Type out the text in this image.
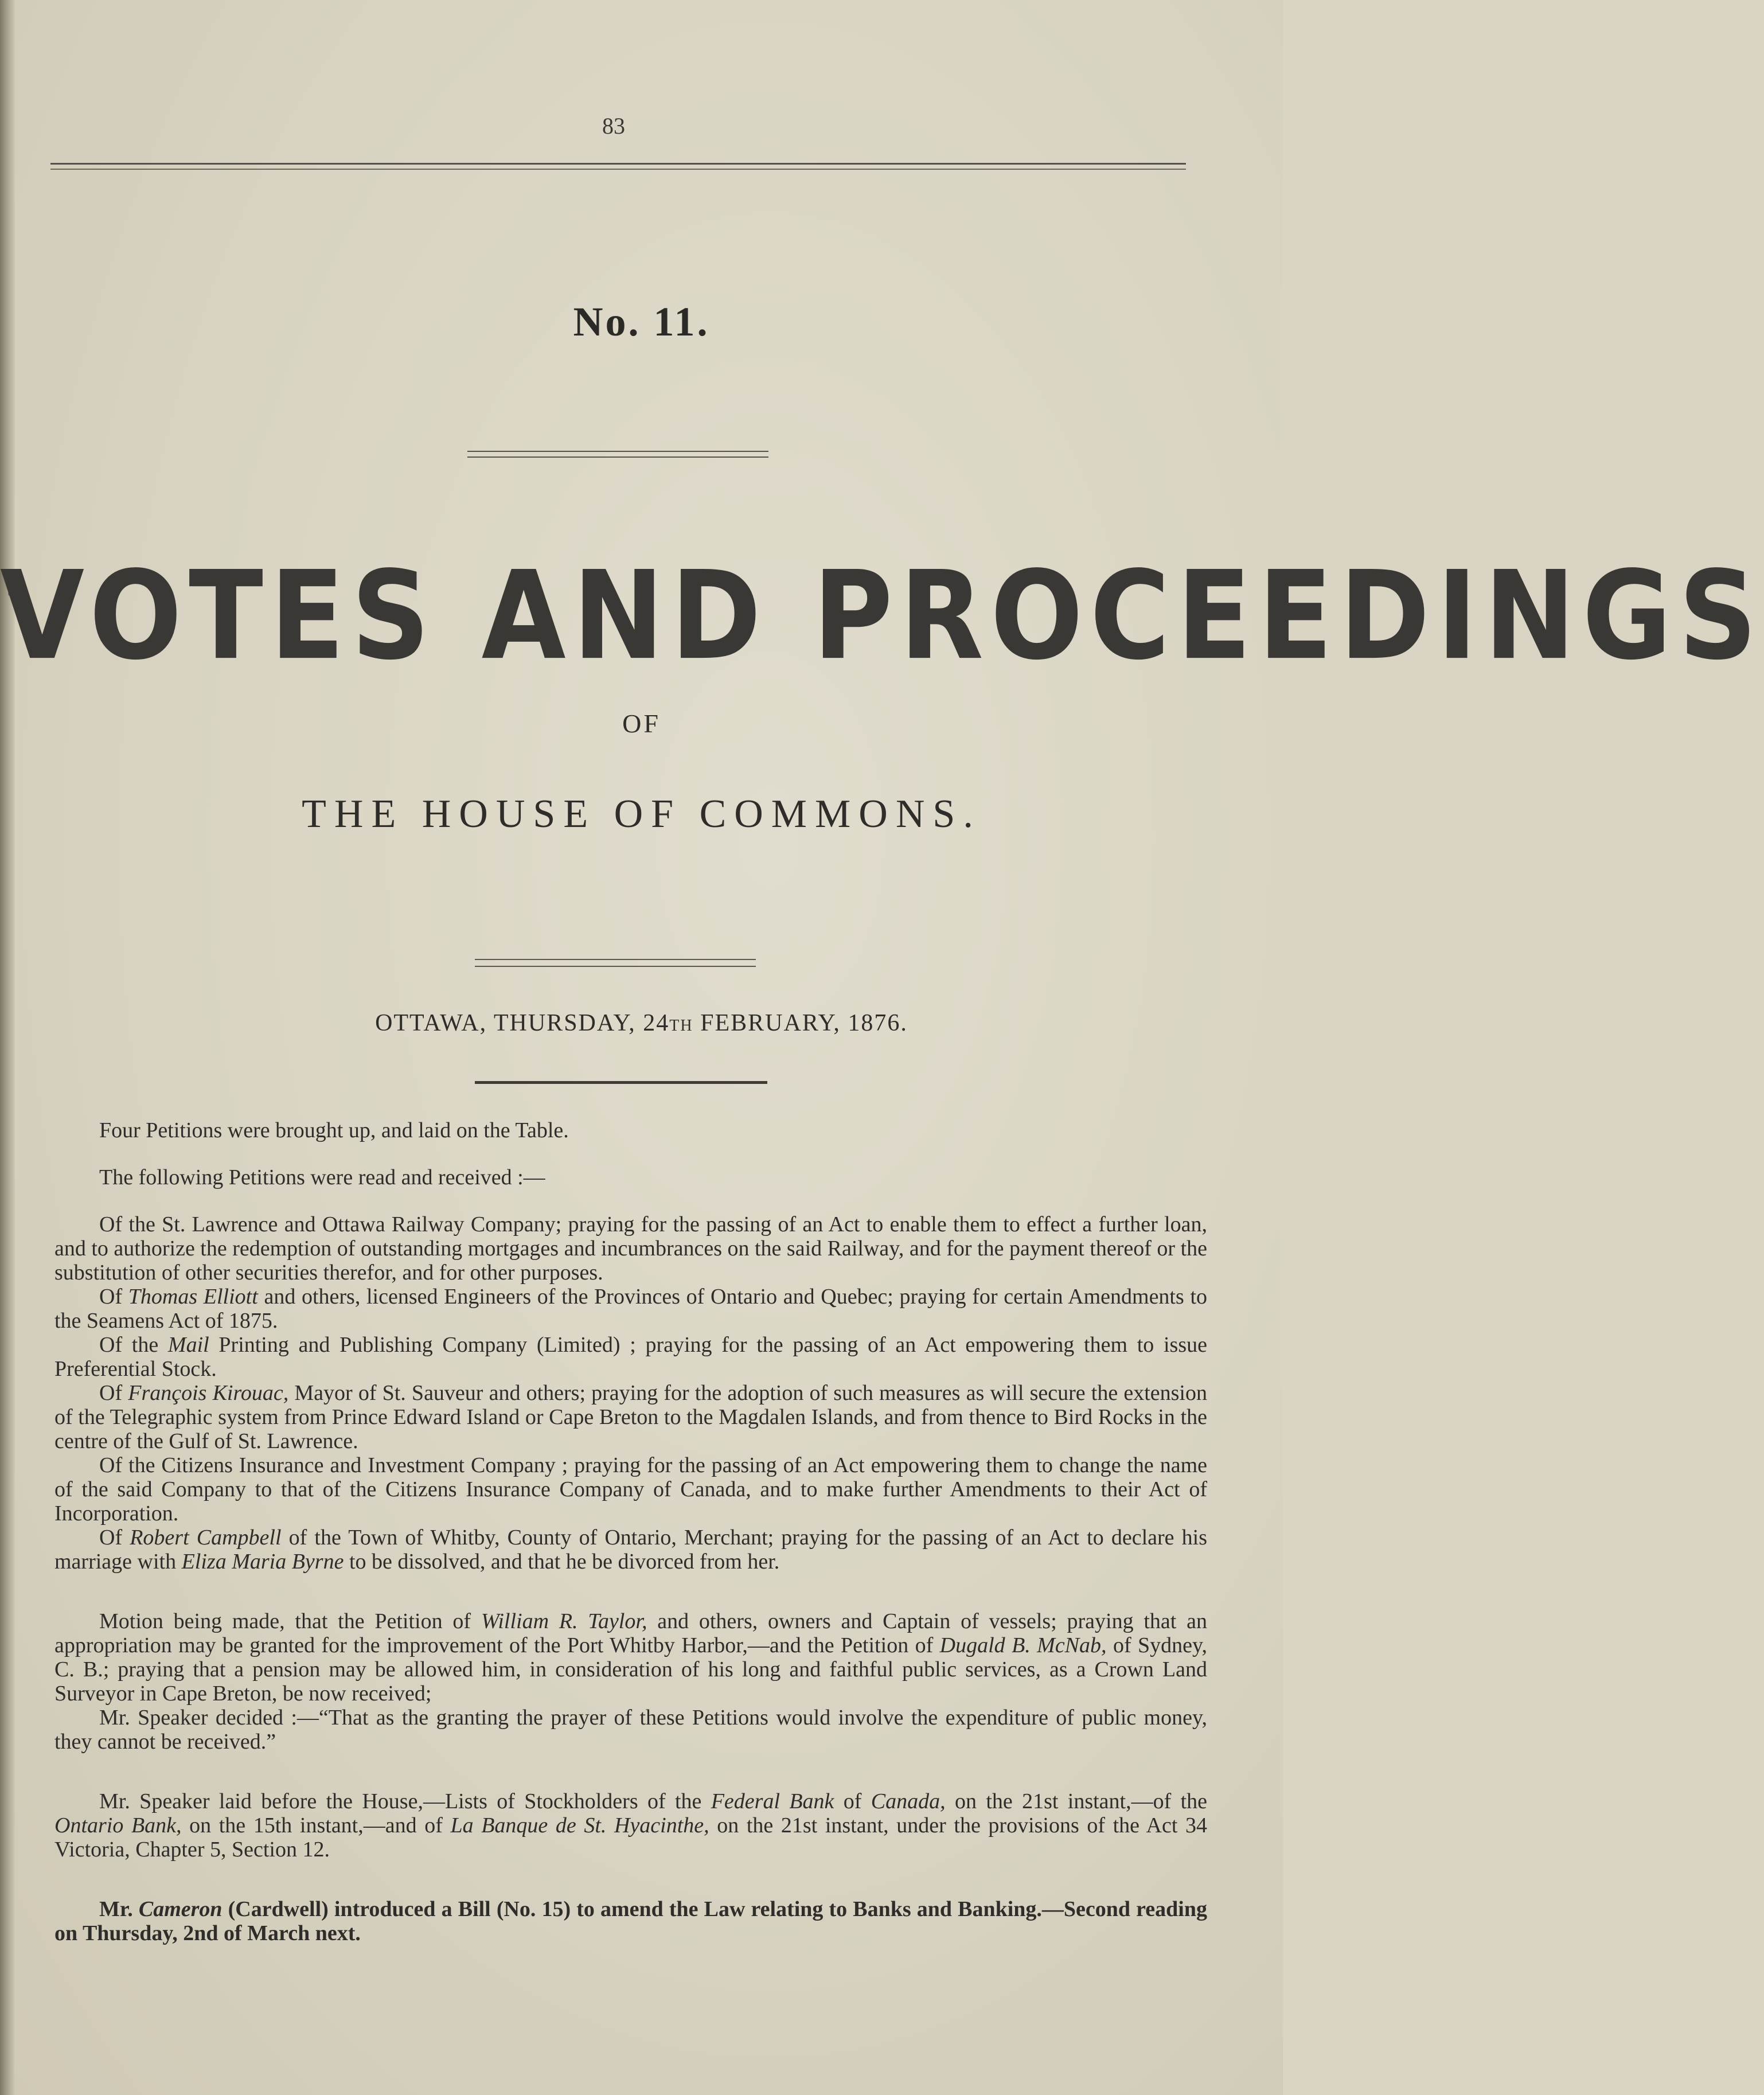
83
No. 11.
VOTES AND PROCEEDINGS
OF
THE HOUSE OF COMMONS.
OTTAWA, THURSDAY, 24TH FEBRUARY, 1876.

Four Petitions were brought up, and laid on the Table.

The following Petitions were read and received :—

Of the St. Lawrence and Ottawa Railway Company; praying for the passing of an Act to enable them to effect a further loan, and to authorize the redemption of outstanding mortgages and incumbrances on the said Railway, and for the payment thereof or the substitution of other securities therefor, and for other purposes.

Of Thomas Elliott and others, licensed Engineers of the Provinces of Ontario and Quebec; praying for certain Amendments to the Seamens Act of 1875.

Of the Mail Printing and Publishing Company (Limited) ; praying for the passing of an Act empowering them to issue Preferential Stock.

Of François Kirouac, Mayor of St. Sauveur and others; praying for the adoption of such measures as will secure the extension of the Telegraphic system from Prince Edward Island or Cape Breton to the Magdalen Islands, and from thence to Bird Rocks in the centre of the Gulf of St. Lawrence.

Of the Citizens Insurance and Investment Company ; praying for the passing of an Act empowering them to change the name of the said Company to that of the Citizens Insurance Company of Canada, and to make further Amendments to their Act of Incorporation.

Of Robert Campbell of the Town of Whitby, County of Ontario, Merchant; praying for the passing of an Act to declare his marriage with Eliza Maria Byrne to be dissolved, and that he be divorced from her.

Motion being made, that the Petition of William R. Taylor, and others, owners and Captain of vessels; praying that an appropriation may be granted for the improvement of the Port Whitby Harbor,—and the Petition of Dugald B. McNab, of Sydney, C. B.; praying that a pension may be allowed him, in consideration of his long and faithful public services, as a Crown Land Surveyor in Cape Breton, be now received;

Mr. Speaker decided :—“That as the granting the prayer of these Petitions would involve the expenditure of public money, they cannot be received.”

Mr. Speaker laid before the House,—Lists of Stockholders of the Federal Bank of Canada, on the 21st instant,—of the Ontario Bank, on the 15th instant,—and of La Banque de St. Hyacinthe, on the 21st instant, under the provisions of the Act 34 Victoria, Chapter 5, Section 12.

Mr. Cameron (Cardwell) introduced a Bill (No. 15) to amend the Law relating to Banks and Banking.—Second reading on Thursday, 2nd of March next.
